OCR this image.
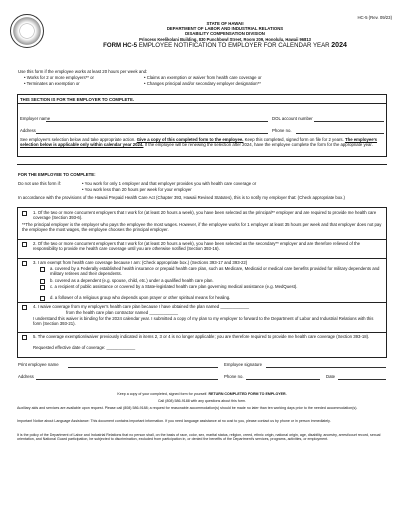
HC-5 (Rev. 09/23)
STATE OF HAWAII
DEPARTMENT OF LABOR AND INDUSTRIAL RELATIONS
DISABILITY COMPENSATION DIVISION
Princess Keelikolani Building, 830 Punchbowl Street, Room 209, Honolulu, Hawaii 96813
FORM HC-5 EMPLOYEE NOTIFICATION TO EMPLOYER FOR CALENDAR YEAR 2024
Use this form if the employee works at least 20 hours per week and:
• Works for 2 or more employers** or
• Terminates an exemption or
• Claims an exemption or waiver from health care coverage or
• Changes principal and/or secondary employer designation**
THIS SECTION IS FOR THE EMPLOYER TO COMPLETE.
Employer name	DOL account number
Address	Phone no.
See employee's selection below and take appropriate action. Give a copy of this completed form to the employee. Keep this completed, signed form on file for 2 years. The employee's selection below is applicable only within calendar year 2024. If the employee will be renewing the selection after 2024, have the employee complete the form for the appropriate year.
FOR THE EMPLOYEE TO COMPLETE:
Do not use this form if:	• You work for only 1 employer and that employer provides you with health care coverage or
• You work less than 20 hours per week for your employer
In accordance with the provisions of the Hawaii Prepaid Health Care Act (Chapter 393, Hawaii Revised Statutes), this is to notify my employer that: (Check appropriate box.)
1. Of the two or more concurrent employers that I work for (at least 20 hours a week), you have been selected as the principal** employer and are required to provide me health care coverage (Section 393-6).
**The principal employer is the employer who pays the employee the most wages. However, if the employee works for 1 employer at least 35 hours per week and that employer does not pay the employee the most wages, the employee chooses the principal employer.
2. Of the two or more concurrent employers that I work for (at least 20 hours a week), you have been selected as the secondary** employer and are therefore relieved of the responsibility to provide me health care coverage until you are otherwise notified (Section 393-16).
3. I am exempt from health care coverage because I am: (Check appropriate box.) (Sections 393-17 and 393-22)
a. covered by a Federally established health insurance or prepaid health care plan, such as Medicare, Medicaid or medical care benefits provided for military dependents and military retirees and their dependents.
b. covered as a dependent (e.g. spouse, child, etc.) under a qualified health care plan.
c. a recipient of public assistance or covered by a State-legislated health care plan governing medical assistance (e.g. MedQuest).
d. a follower of a religious group who depends upon prayer or other spiritual means for healing.
4. I waive coverage from my employer's health care plan because I have obtained the plan named ____________
from the health care plan contractor named ____________
I understand this waiver is binding for the 2024 calendar year. I submitted a copy of my plan to my employer to forward to the Department of Labor and Industrial Relations with this form (Section 393-21).
5. The coverage exemption/waiver previously indicated in items 2, 3 or 4 is no longer applicable; you are therefore required to provide me health care coverage (Section 393-18).
Requested effective date of coverage: ____________
Print employee name	Employee signature
Address	Phone no.	Date
Keep a copy of your completed, signed form for yourself. RETURN COMPLETED FORM TO EMPLOYER.
Call (808) 586-9188 with any questions about this form.
Auxiliary aids and services are available upon request. Please call (808) 586-9188; a request for reasonable accommodation(s) should be made no later than ten working days prior to the needed accommodation(s).
Important Notice about Language Assistance: This document contains important information. If you need language assistance at no cost to you, please contact us by phone or in person immediately.
It is the policy of the Department of Labor and Industrial Relations that no person shall, on the basis of race, color, sex, marital status, religion, creed, ethnic origin, national origin, age, disability, ancestry, arrest/court record, sexual orientation, and National Guard participation, be subjected to discrimination, excluded from participation in, or denied the benefits of the Department's services, programs, activities, or employment.
